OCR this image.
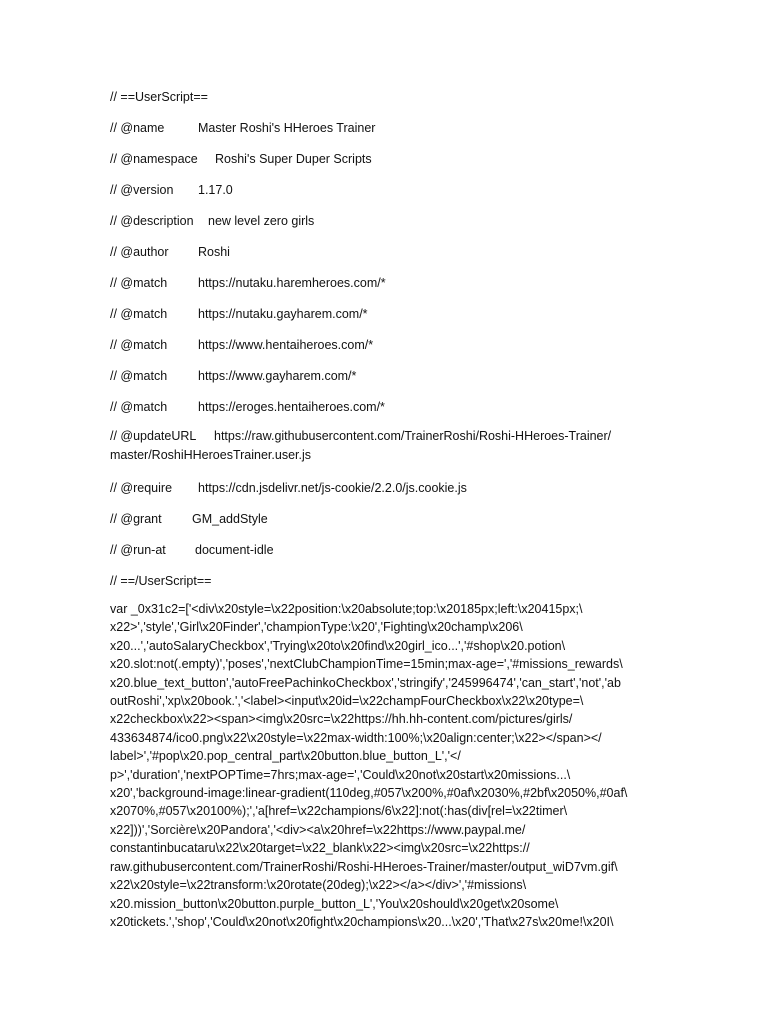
// ==UserScript==
// @name	Master Roshi's HHeroes Trainer
// @namespace Roshi's Super Duper Scripts
// @version 1.17.0
// @description new level zero girls
// @author Roshi
// @match https://nutaku.haremheroes.com/*
// @match https://nutaku.gayharem.com/*
// @match https://www.hentaiheroes.com/*
// @match https://www.gayharem.com/*
// @match https://eroges.hentaiheroes.com/*
// @updateURL https://raw.githubusercontent.com/TrainerRoshi/Roshi-HHeroes-Trainer/
master/RoshiHHeroesTrainer.user.js
// @require https://cdn.jsdelivr.net/js-cookie/2.2.0/js.cookie.js
// @grant GM_addStyle
// @run-at document-idle
// ==/UserScript==
var _0x31c2=['<div\x20style=\x22position:\x20absolute;top:\x20185px;left:\x20415px;\
x22>','style','Girl\x20Finder','championType:\x20','Fighting\x20champ\x206\
x20...','autoSalaryCheckbox','Trying\x20to\x20find\x20girl_ico...','#shop\x20.potion\
x20.slot:not(.empty)','poses','nextClubChampionTime=15min;max-age=','#missions_rewards\
x20.blue_text_button','autoFreePachinkoCheckbox','stringify','245996474','can_start','not','ab
outRoshi','xp\x20book.','<label><input\x20id=\x22champFourCheckbox\x22\x20type=\
x22checkbox\x22><span><img\x20src=\x22https://hh.hh-content.com/pictures/girls/
433634874/ico0.png\x22\x20style=\x22max-width:100%;\x20align:center;\x22></span></
label>','#pop\x20.pop_central_part\x20button.blue_button_L','</
p>','duration','nextPOPTime=7hrs;max-age=','Could\x20not\x20start\x20missions...\
x20','background-image:linear-gradient(110deg,#057\x200%,#0af\x2030%,#2bf\x2050%,#0af\
x2070%,#057\x20100%);','a[href=\x22champions/6\x22]:not(:has(div[rel=\x22timer\
x22]))','Sorcière\x20Pandora','<div><a\x20href=\x22https://www.paypal.me/
constantinbucataru\x22\x20target=\x22_blank\x22><img\x20src=\x22https://
raw.githubusercontent.com/TrainerRoshi/Roshi-HHeroes-Trainer/master/output_wiD7vm.gif\
x22\x20style=\x22transform:\x20rotate(20deg);\x22></a></div>','#missions\
x20.mission_button\x20button.purple_button_L','You\x20should\x20get\x20some\
x20tickets.','shop','Could\x20not\x20fight\x20champions\x20...\x20','That\x27s\x20me!\x20I\
